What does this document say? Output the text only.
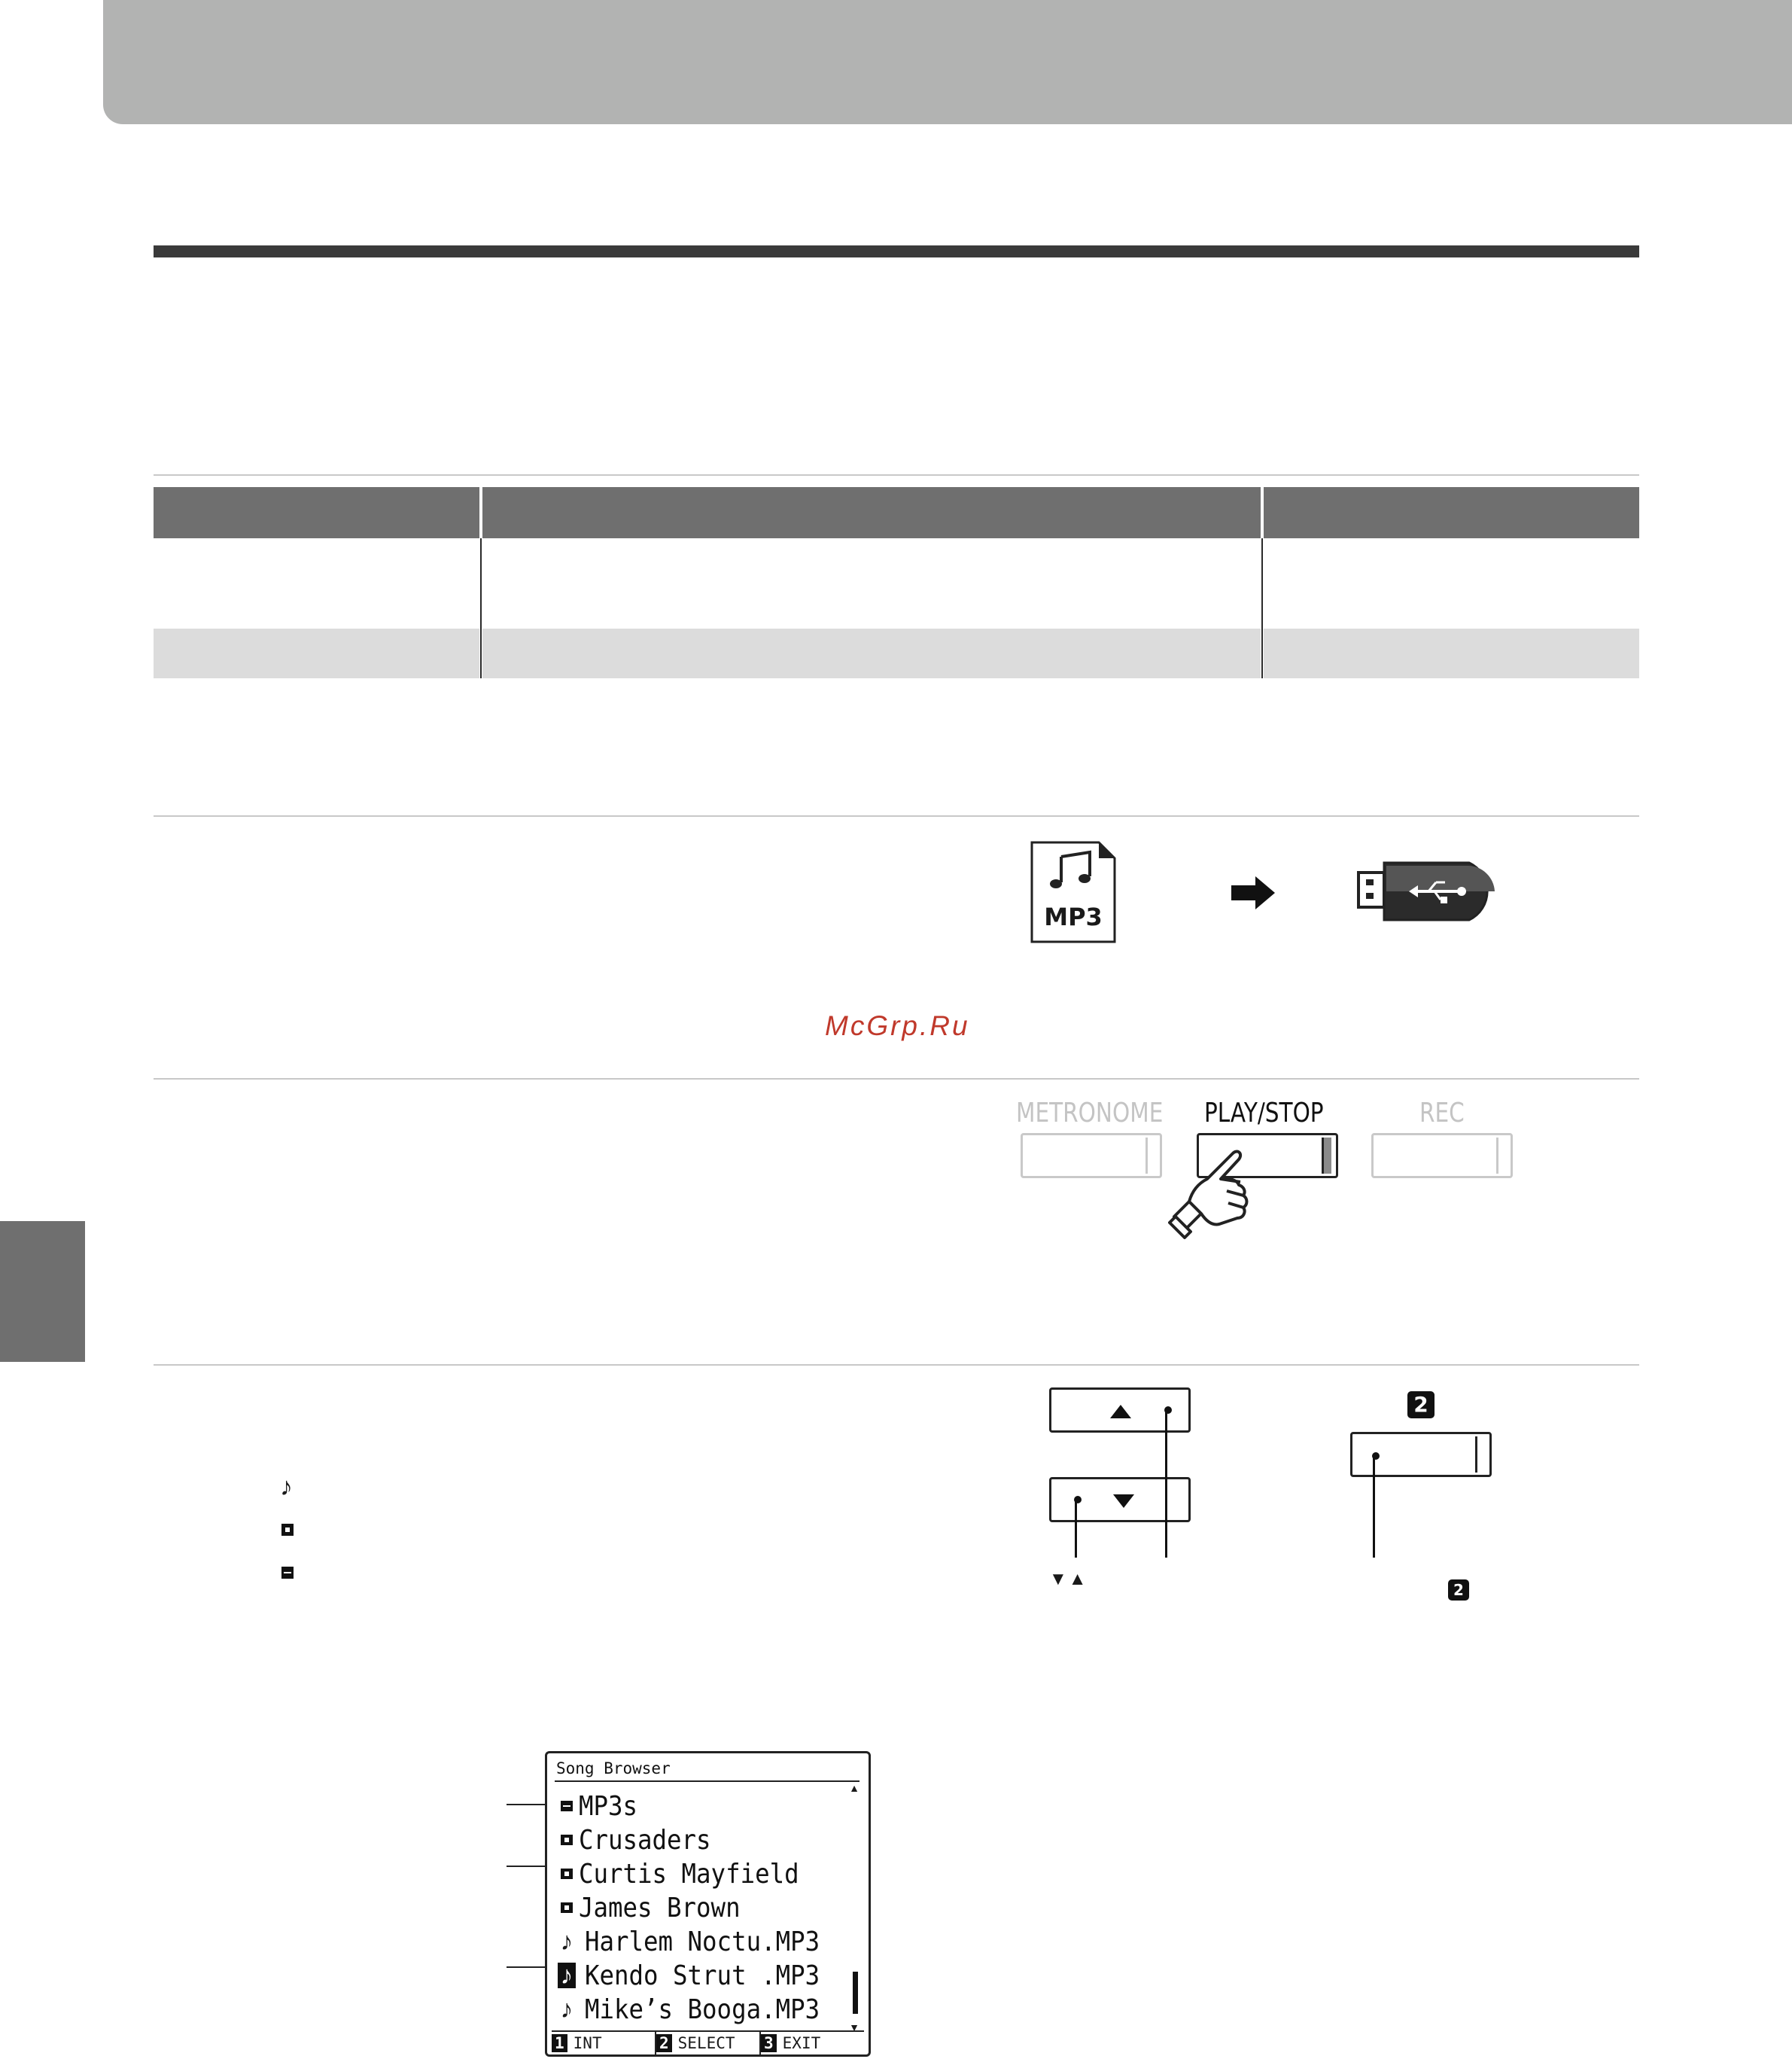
MP3
McGrp.Ru
METRONOME PLAY/STOP	REC
▼▲
2
2
♪
Song Browser
▲
MP3s
Crusaders
Curtis Mayfield
James Brown
♪ Harlem Noctu.MP3
♪ Kendo Strut .MP3
♪ Mike’s Booga.MP3
▼
1 INT	2 SELECT 3 EXIT
